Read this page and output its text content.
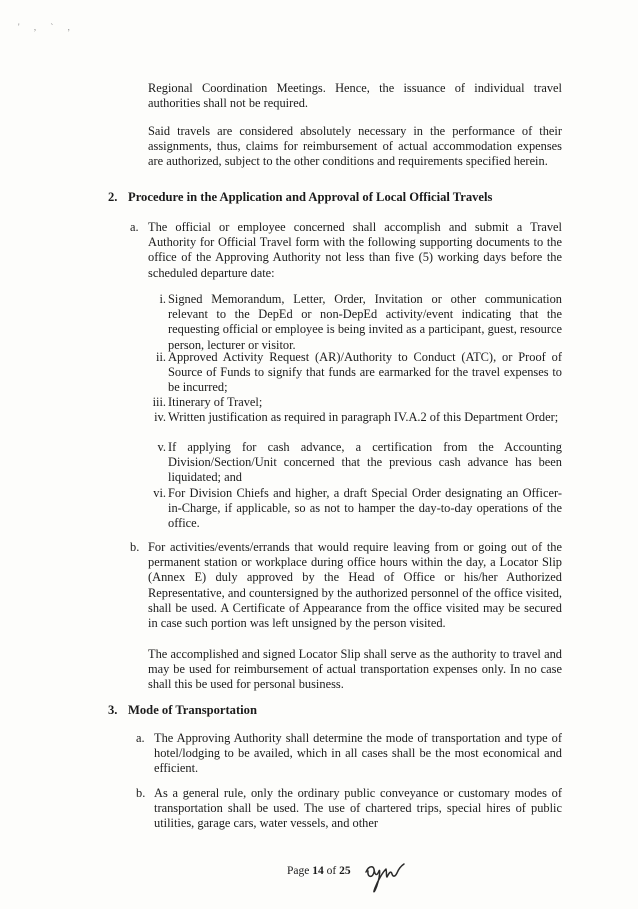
' , ` ,

Regional Coordination Meetings. Hence, the issuance of individual travel authorities shall not be required.

Said travels are considered absolutely necessary in the performance of their assignments, thus, claims for reimbursement of actual accommodation expenses are authorized, subject to the other conditions and requirements specified herein.

2. Procedure in the Application and Approval of Local Official Travels
a. The official or employee concerned shall accomplish and submit a Travel Authority for Official Travel form with the following supporting documents to the office of the Approving Authority not less than five (5) working days before the scheduled departure date:

i. Signed Memorandum, Letter, Order, Invitation or other communication relevant to the DepEd or non-DepEd activity/event indicating that the requesting official or employee is being invited as a participant, guest, resource person, lecturer or visitor.

ii. Approved Activity Request (AR)/Authority to Conduct (ATC), or Proof of Source of Funds to signify that funds are earmarked for the travel expenses to be incurred;

iii. Itinerary of Travel;

iv. Written justification as required in paragraph IV.A.2 of this Department Order;

v. If applying for cash advance, a certification from the Accounting Division/Section/Unit concerned that the previous cash advance has been liquidated; and

vi. For Division Chiefs and higher, a draft Special Order designating an Officer-in-Charge, if applicable, so as not to hamper the day-to-day operations of the office.

b. For activities/events/errands that would require leaving from or going out of the permanent station or workplace during office hours within the day, a Locator Slip (Annex E) duly approved by the Head of Office or his/her Authorized Representative, and countersigned by the authorized personnel of the office visited, shall be used. A Certificate of Appearance from the office visited may be secured in case such portion was left unsigned by the person visited.

The accomplished and signed Locator Slip shall serve as the authority to travel and may be used for reimbursement of actual transportation expenses only. In no case shall this be used for personal business.

3. Mode of Transportation
a. The Approving Authority shall determine the mode of transportation and type of hotel/lodging to be availed, which in all cases shall be the most economical and efficient.

b. As a general rule, only the ordinary public conveyance or customary modes of transportation shall be used. The use of chartered trips, special hires of public utilities, garage cars, water vessels, and other

Page 14 of 25
